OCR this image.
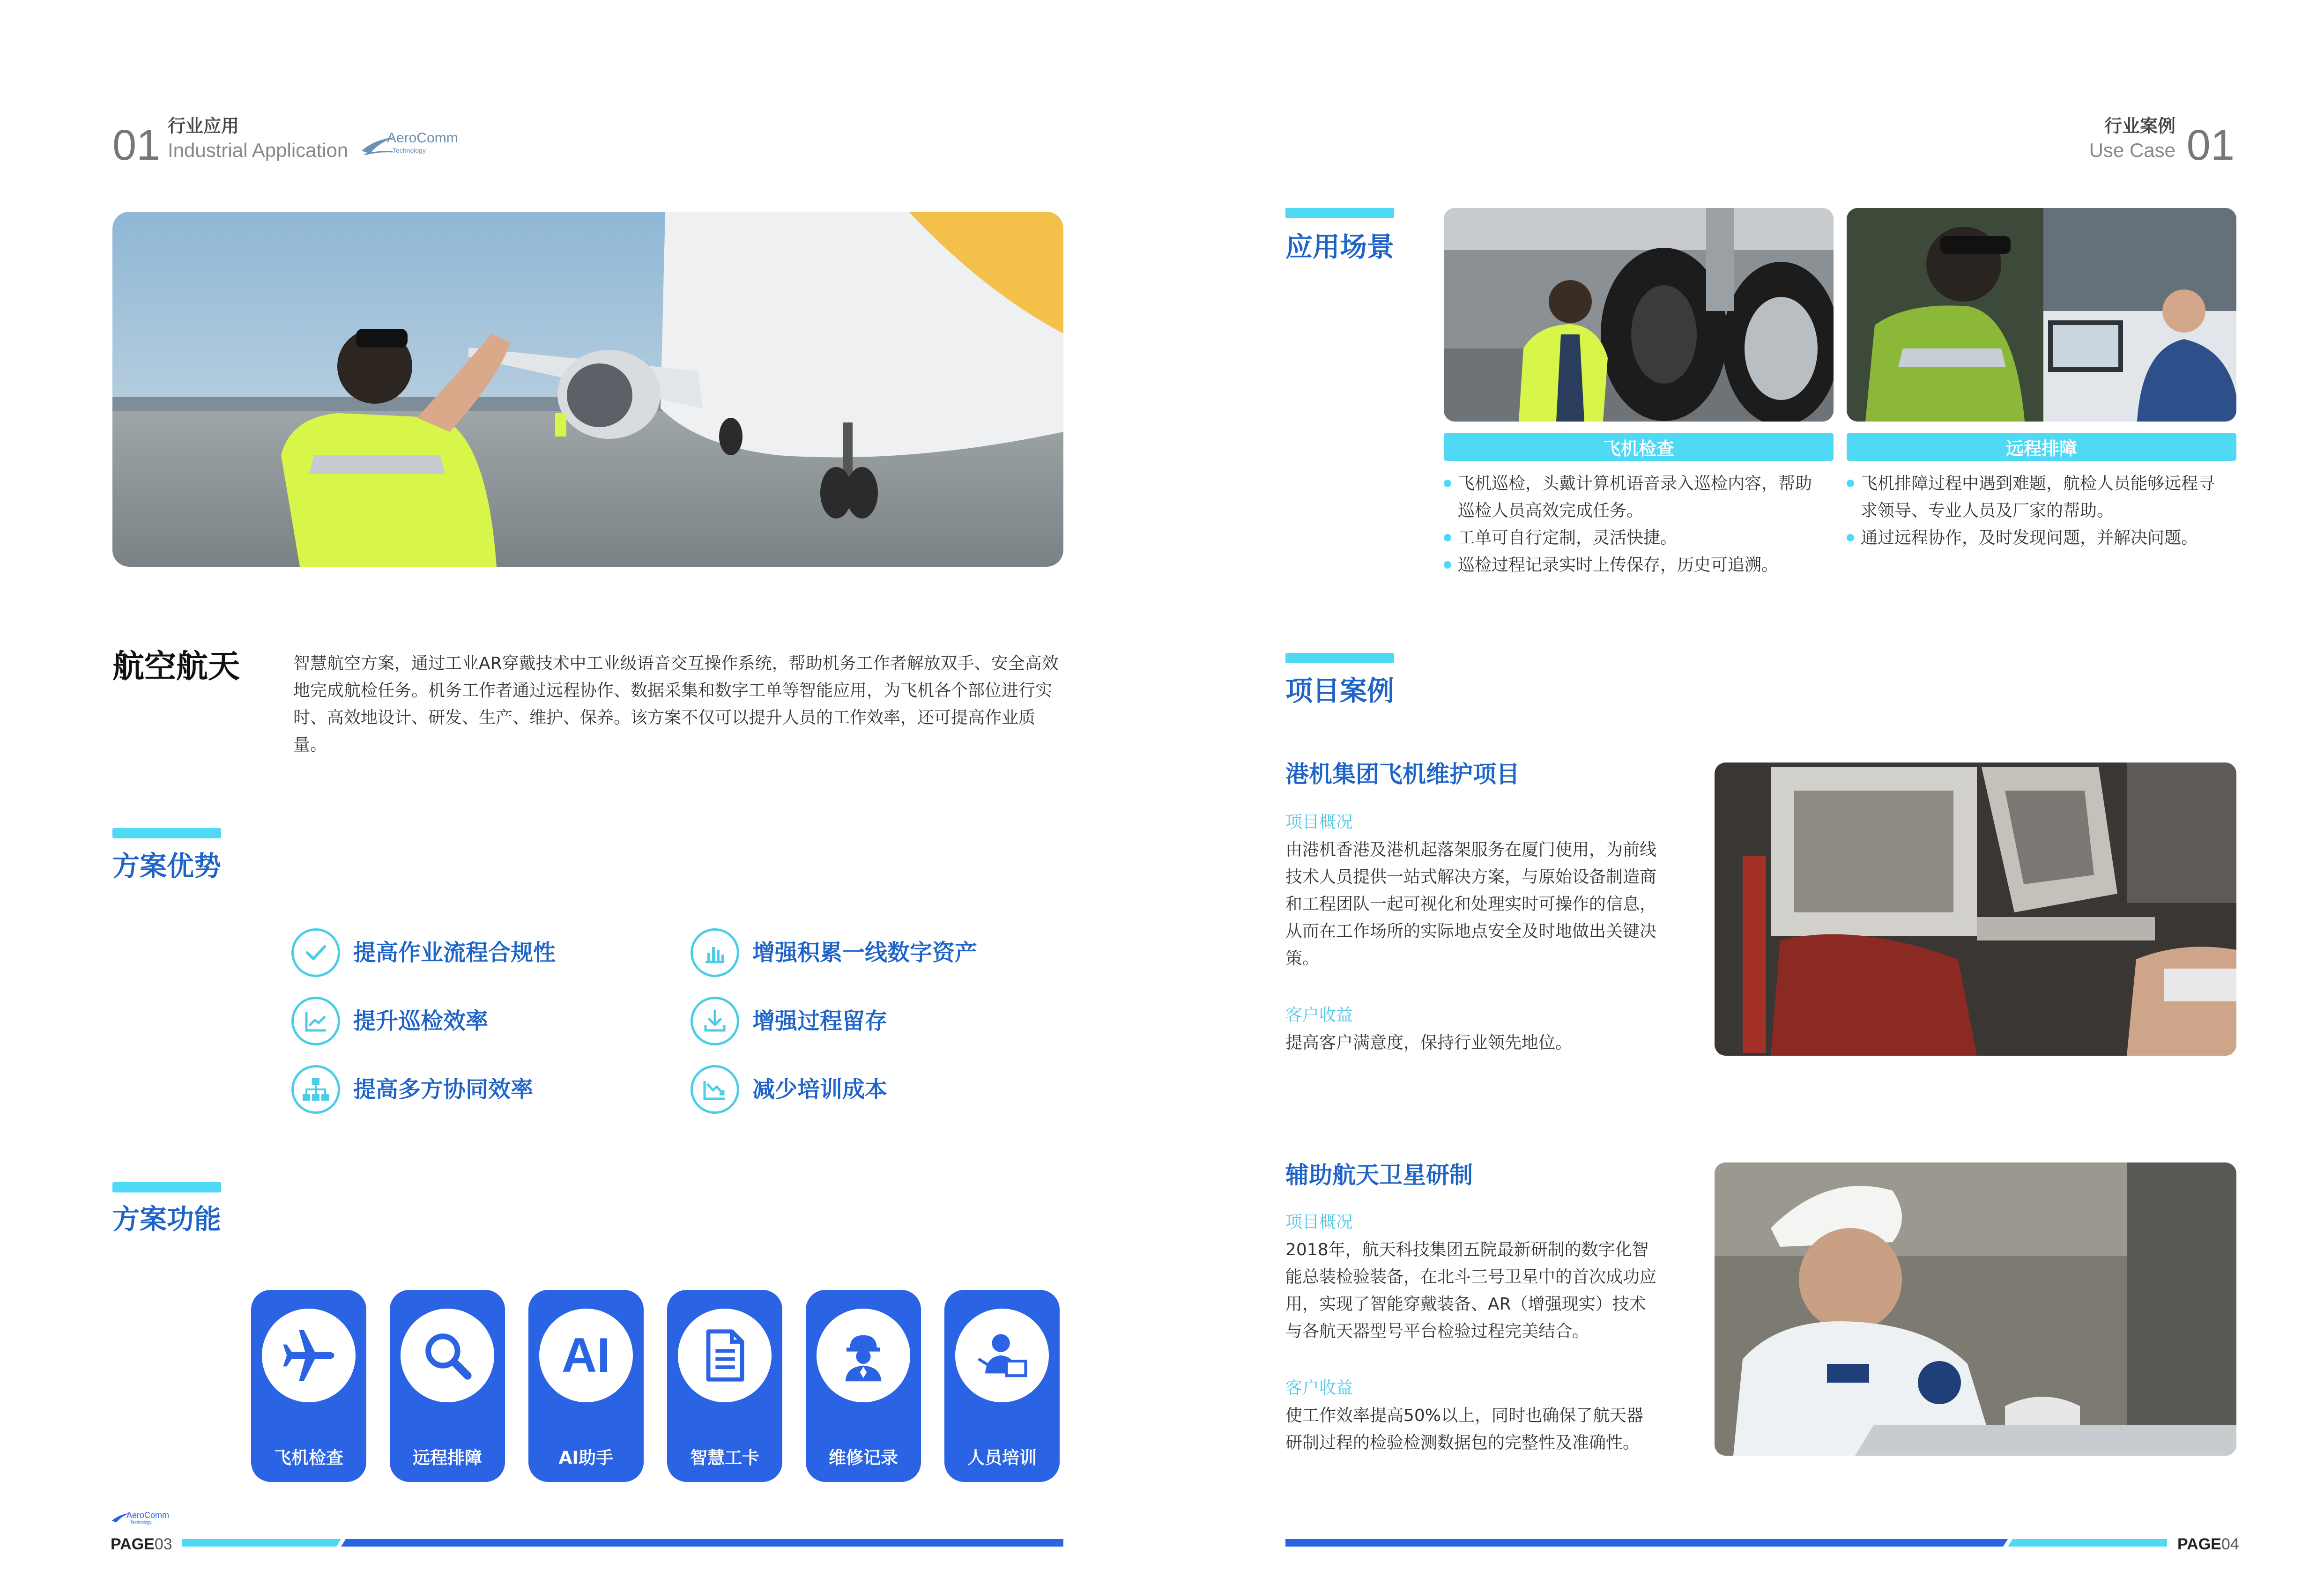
01 行业应用
Industrial Application
AeroComm
Technology
航空航天	智慧航空方案，通过工业AR穿戴技术中工业级语音交互操作系统，帮助机务工作者解放双手、安全高效地完成航检任务。机务工作者通过远程协作、数据采集和数字工单等智能应用，为飞机各个部位进行实时、高效地设计、研发、生产、维护、保养。该方案不仅可以提升人员的工作效率，还可提高作业质量。
方案优势
提高作业流程合规性	增强积累一线数字资产
提升巡检效率	增强过程留存
提高多方协同效率	减少培训成本
方案功能
飞机检查	远程排障
AI
AI助手	智慧工卡	维修记录	人员培训
AeroComm
Technology
PAGE03
行业案例
Use Case 01
应用场景
飞机检查	远程排障
飞机巡检，头戴计算机语音录入巡检内容，帮助巡检人员高效完成任务。
工单可自行定制，灵活快捷。
巡检过程记录实时上传保存，历史可追溯。
飞机排障过程中遇到难题，航检人员能够远程寻求领导、专业人员及厂家的帮助。
通过远程协作，及时发现问题，并解决问题。
项目案例
港机集团飞机维护项目
项目概况
由港机香港及港机起落架服务在厦门使用，为前线技术人员提供一站式解决方案，与原始设备制造商和工程团队一起可视化和处理实时可操作的信息，从而在工作场所的实际地点安全及时地做出关键决策。
客户收益
提高客户满意度，保持行业领先地位。
辅助航天卫星研制
项目概况
2018年，航天科技集团五院最新研制的数字化智能总装检验装备，在北斗三号卫星中的首次成功应用，实现了智能穿戴装备、AR（增强现实）技术与各航天器型号平台检验过程完美结合。
客户收益
使工作效率提高50%以上，同时也确保了航天器研制过程的检验检测数据包的完整性及准确性。
PAGE04
